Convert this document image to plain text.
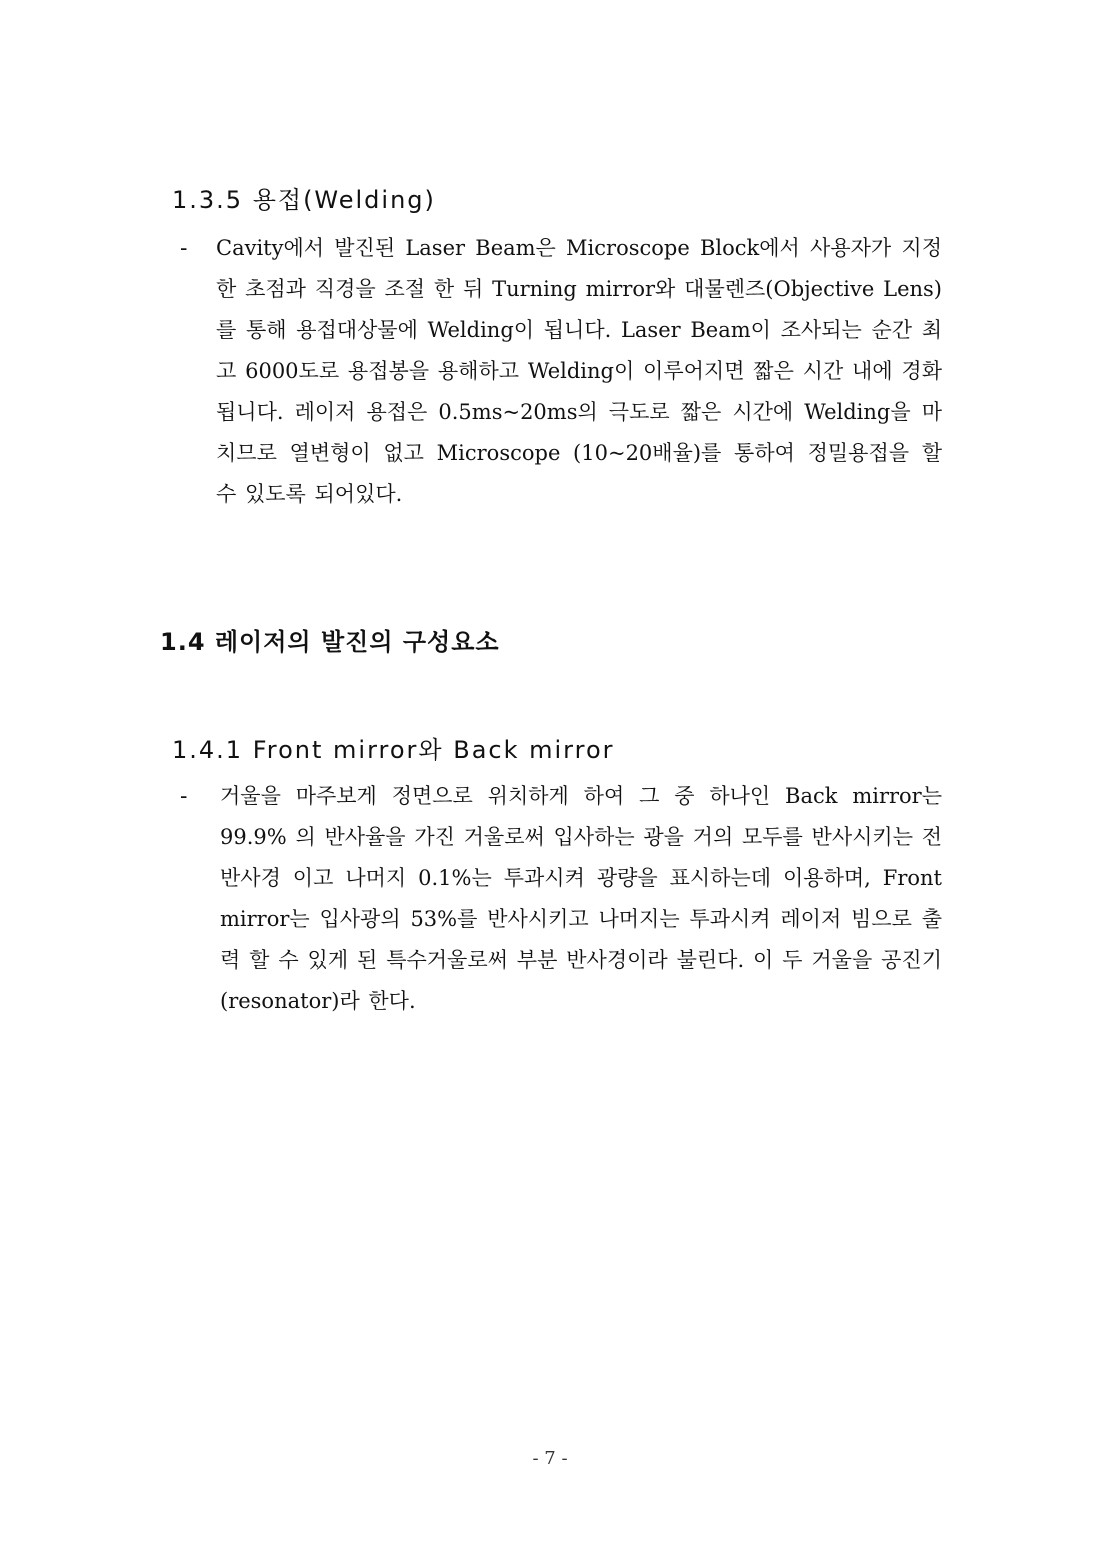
1.3.5 용접(Welding)
- Cavity에서 발진된 Laser Beam은 Microscope Block에서 사용자가 지정한 초점과 직경을 조절 한 뒤 Turning mirror와 대물렌즈(Objective Lens)를 통해 용접대상물에 Welding이 됩니다. Laser Beam이 조사되는 순간 최고 6000도로 용접봉을 용해하고 Welding이 이루어지면 짧은 시간 내에 경화됩니다. 레이저 용접은 0.5ms~20ms의 극도로 짧은 시간에 Welding을 마치므로 열변형이 없고 Microscope (10~20배율)를 통하여 정밀용접을 할 수 있도록 되어있다.

1.4 레이저의 발진의 구성요소
1.4.1 Front mirror와 Back mirror
- 거울을 마주보게 정면으로 위치하게 하여 그 중 하나인 Back mirror는 99.9% 의 반사율을 가진 거울로써 입사하는 광을 거의 모두를 반사시키는 전 반사경 이고 나머지 0.1%는 투과시켜 광량을 표시하는데 이용하며, Front mirror는 입사광의 53%를 반사시키고 나머지는 투과시켜 레이저 빔으로 출력 할 수 있게 된 특수거울로써 부분 반사경이라 불린다. 이 두 거울을 공진기(resonator)라 한다.

- 7 -
